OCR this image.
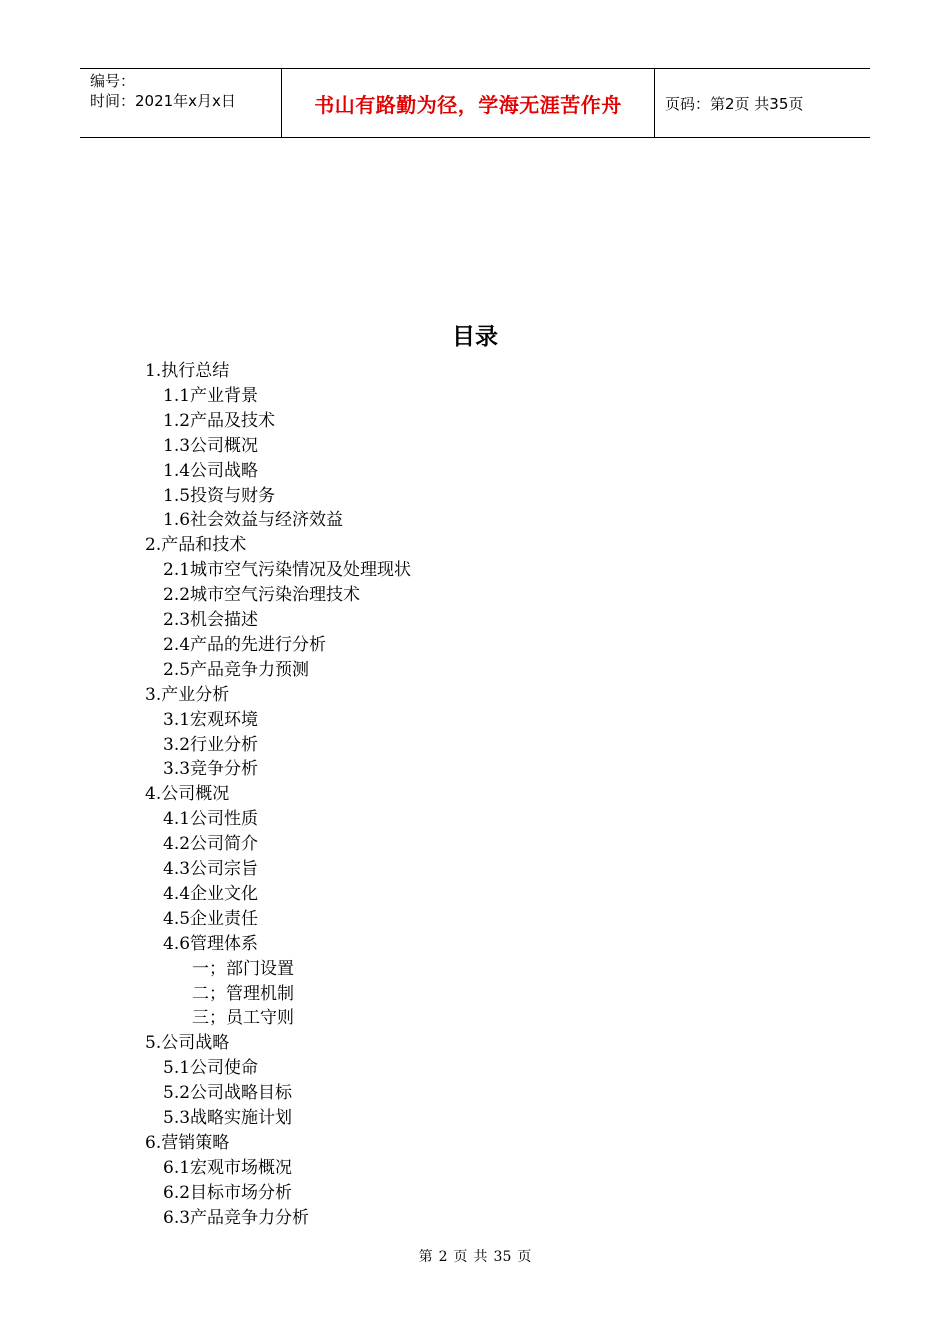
编号：
时间：2021年x月x日	书山有路勤为径，学海无涯苦作舟	页码：第2页 共35页
目录
1.执行总结
1.1产业背景
1.2产品及技术
1.3公司概况
1.4公司战略
1.5投资与财务
1.6社会效益与经济效益
2.产品和技术
2.1城市空气污染情况及处理现状
2.2城市空气污染治理技术
2.3机会描述
2.4产品的先进行分析
2.5产品竞争力预测
3.产业分析
3.1宏观环境
3.2行业分析
3.3竞争分析
4.公司概况
4.1公司性质
4.2公司简介
4.3公司宗旨
4.4企业文化
4.5企业责任
4.6管理体系
一；部门设置
二；管理机制
三；员工守则
5.公司战略
5.1公司使命
5.2公司战略目标
5.3战略实施计划
6.营销策略
6.1宏观市场概况
6.2目标市场分析
6.3产品竞争力分析
第 2 页 共 35 页
